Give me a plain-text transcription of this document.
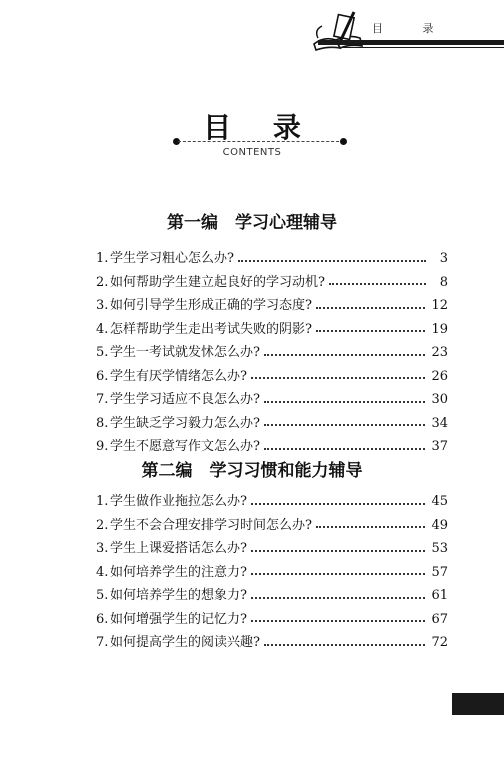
目 录
目 录
CONTENTS
第一编　学习心理辅导
1. 学生学习粗心怎么办?	3
2. 如何帮助学生建立起良好的学习动机?	8
3. 如何引导学生形成正确的学习态度?	12
4. 怎样帮助学生走出考试失败的阴影?	19
5. 学生一考试就发怵怎么办?	23
6. 学生有厌学情绪怎么办?	26
7. 学生学习适应不良怎么办?	30
8. 学生缺乏学习毅力怎么办?	34
9. 学生不愿意写作文怎么办?	37
第二编　学习习惯和能力辅导
1. 学生做作业拖拉怎么办?	45
2. 学生不会合理安排学习时间怎么办?	49
3. 学生上课爱搭话怎么办?	53
4. 如何培养学生的注意力?	57
5. 如何培养学生的想象力?	61
6. 如何增强学生的记忆力?	67
7. 如何提高学生的阅读兴趣?	72
